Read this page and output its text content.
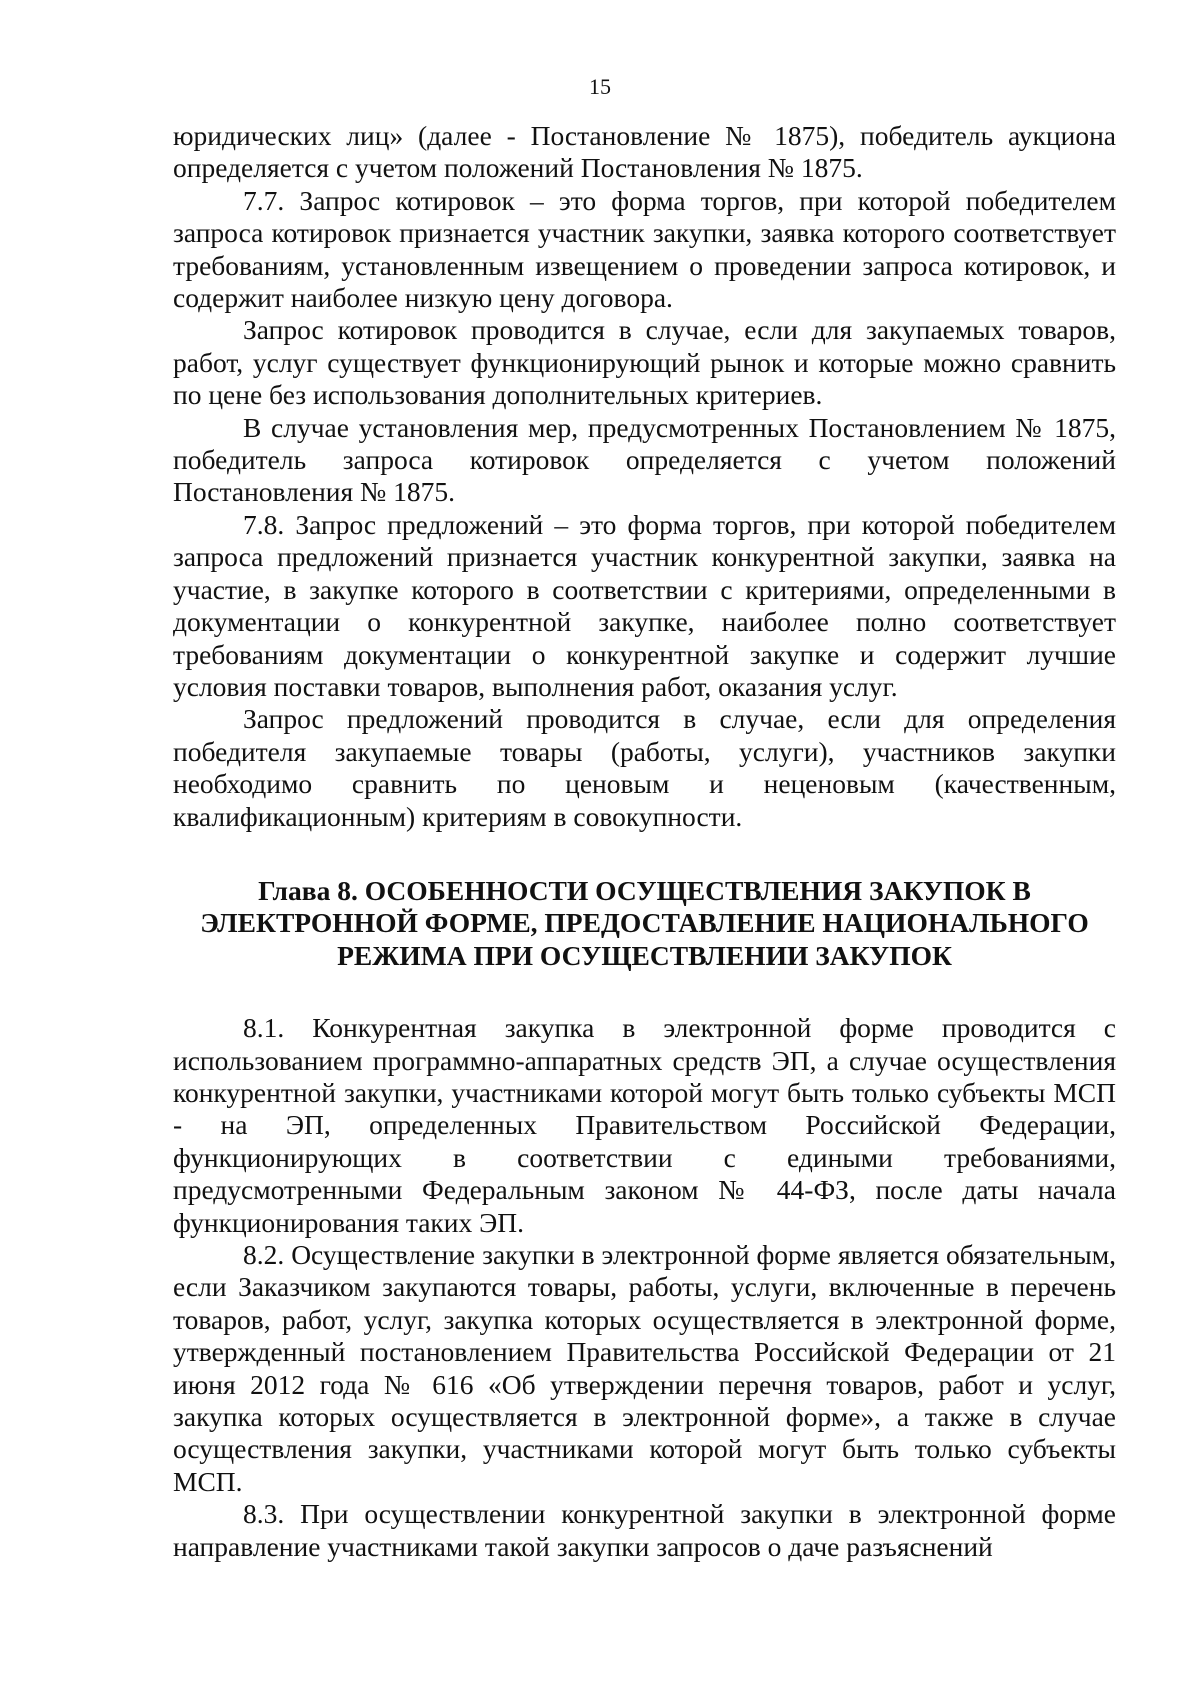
15

юридических лиц» (далее - Постановление № 1875), победитель аукциона определяется с учетом положений Постановления № 1875.

7.7. Запрос котировок – это форма торгов, при которой победителем запроса котировок признается участник закупки, заявка которого соответствует требованиям, установленным извещением о проведении запроса котировок, и содержит наиболее низкую цену договора.

Запрос котировок проводится в случае, если для закупаемых товаров, работ, услуг существует функционирующий рынок и которые можно сравнить по цене без использования дополнительных критериев.

В случае установления мер, предусмотренных Постановлением № 1875, победитель запроса котировок определяется с учетом положений Постановления № 1875.

7.8. Запрос предложений – это форма торгов, при которой победителем запроса предложений признается участник конкурентной закупки, заявка на участие, в закупке которого в соответствии с критериями, определенными в документации о конкурентной закупке, наиболее полно соответствует требованиям документации о конкурентной закупке и содержит лучшие условия поставки товаров, выполнения работ, оказания услуг.

Запрос предложений проводится в случае, если для определения победителя закупаемые товары (работы, услуги), участников закупки необходимо сравнить по ценовым и неценовым (качественным, квалификационным) критериям в совокупности.

Глава 8. ОСОБЕННОСТИ ОСУЩЕСТВЛЕНИЯ ЗАКУПОК В
ЭЛЕКТРОННОЙ ФОРМЕ, ПРЕДОСТАВЛЕНИЕ НАЦИОНАЛЬНОГО
РЕЖИМА ПРИ ОСУЩЕСТВЛЕНИИ ЗАКУПОК

8.1. Конкурентная закупка в электронной форме проводится с использованием программно-аппаратных средств ЭП, а случае осуществления конкурентной закупки, участниками которой могут быть только субъекты МСП - на ЭП, определенных Правительством Российской Федерации, функционирующих в соответствии с едиными требованиями, предусмотренными Федеральным законом № 44-ФЗ, после даты начала функционирования таких ЭП.

8.2. Осуществление закупки в электронной форме является обязательным, если Заказчиком закупаются товары, работы, услуги, включенные в перечень товаров, работ, услуг, закупка которых осуществляется в электронной форме, утвержденный постановлением Правительства Российской Федерации от 21 июня 2012 года № 616 «Об утверждении перечня товаров, работ и услуг, закупка которых осуществляется в электронной форме», а также в случае осуществления закупки, участниками которой могут быть только субъекты МСП.

8.3. При осуществлении конкурентной закупки в электронной форме направление участниками такой закупки запросов о даче разъяснений
